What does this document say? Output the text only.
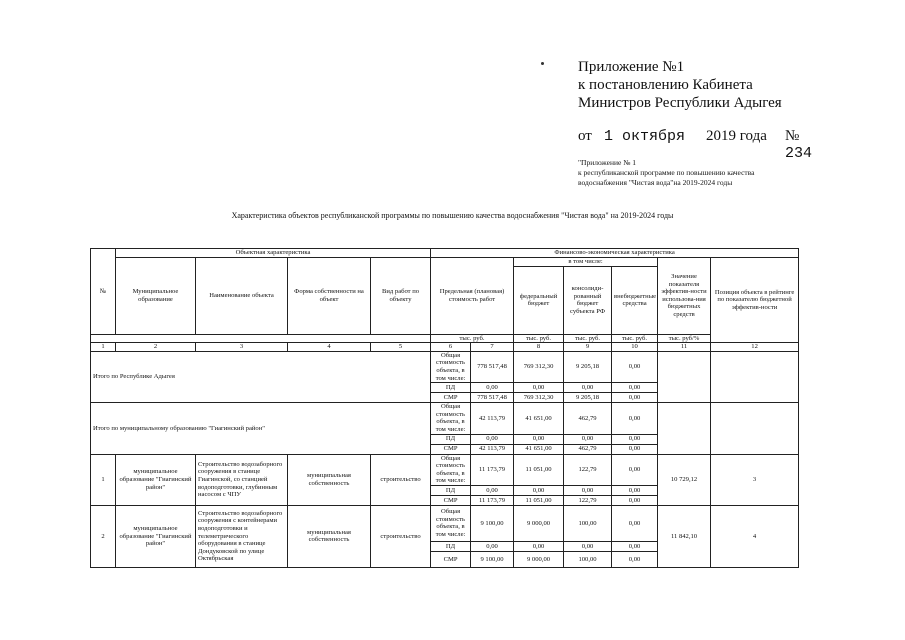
Приложение №1
к постановлению Кабинета
Министров Республики Адыгея
от 1 октября 2019 года № 234
"Приложение № 1
к республиканской программе по повышению качества
водоснабжения "Чистая вода"на 2019-2024 годы
Характеристика объектов республиканской программы по повышению качества водоснабжения "Чистая вода" на 2019-2024 годы
№	Объектная характеристика				Финансово-экономическая характеристика							
	Муниципальное образование	Наименование объекта	Форма собственности на объект	Вид работ по объекту	Предельная (плановая) стоимость работ		в том числе:			Значение показателя эффектив-ности использова-ния бюджетных средств	Позиция объекта в рейтинге по показателю бюджетной эффектив-ности	
							федеральный бюджет	консолиди-рованный бюджет субъекта РФ	внебюджетные средства			
					тыс. руб.		тыс. руб.	тыс. руб.	тыс. руб.	тыс. руб/%		
1	2	3	4	5	6	7	8	9	10	11	12	
Итого по Республике Адыгея					Общая стоимость объекта, в том числе:	778 517,48	769 312,30	9 205,18	0,00			
					ПД	0,00	0,00	0,00	0,00			
					СМР	778 517,48	769 312,30	9 205,18	0,00			
Итого по муниципальному образованию "Гиагинский район"					Общая стоимость объекта, в том числе:	42 113,79	41 651,00	462,79	0,00			
					ПД	0,00	0,00	0,00	0,00			
					СМР	42 113,79	41 651,00	462,79	0,00			
1	муниципальное образование "Гиагинский район"	Строительство водозаборного сооружения в станице Гиагинской, со станцией водоподготовки, глубинным насосом с ЧПУ	муниципальная собственность	строительство	Общая стоимость объекта, в том числе:	11 173,79	11 051,00	122,79	0,00	10 729,12	3	
					ПД	0,00	0,00	0,00	0,00			
					СМР	11 173,79	11 051,00	122,79	0,00			
2	муниципальное образование "Гиагинский район"	Строительство водозаборного сооружения с контейнерами водоподготовки и телеметрического оборудования в станице Дондуковской по улице Октябрьская	муниципальная собственность	строительство	Общая стоимость объекта, в том числе:	9 100,00	9 000,00	100,00	0,00	11 842,10	4	
					ПД	0,00	0,00	0,00	0,00			
					СМР	9 100,00	9 000,00	100,00	0,00			
